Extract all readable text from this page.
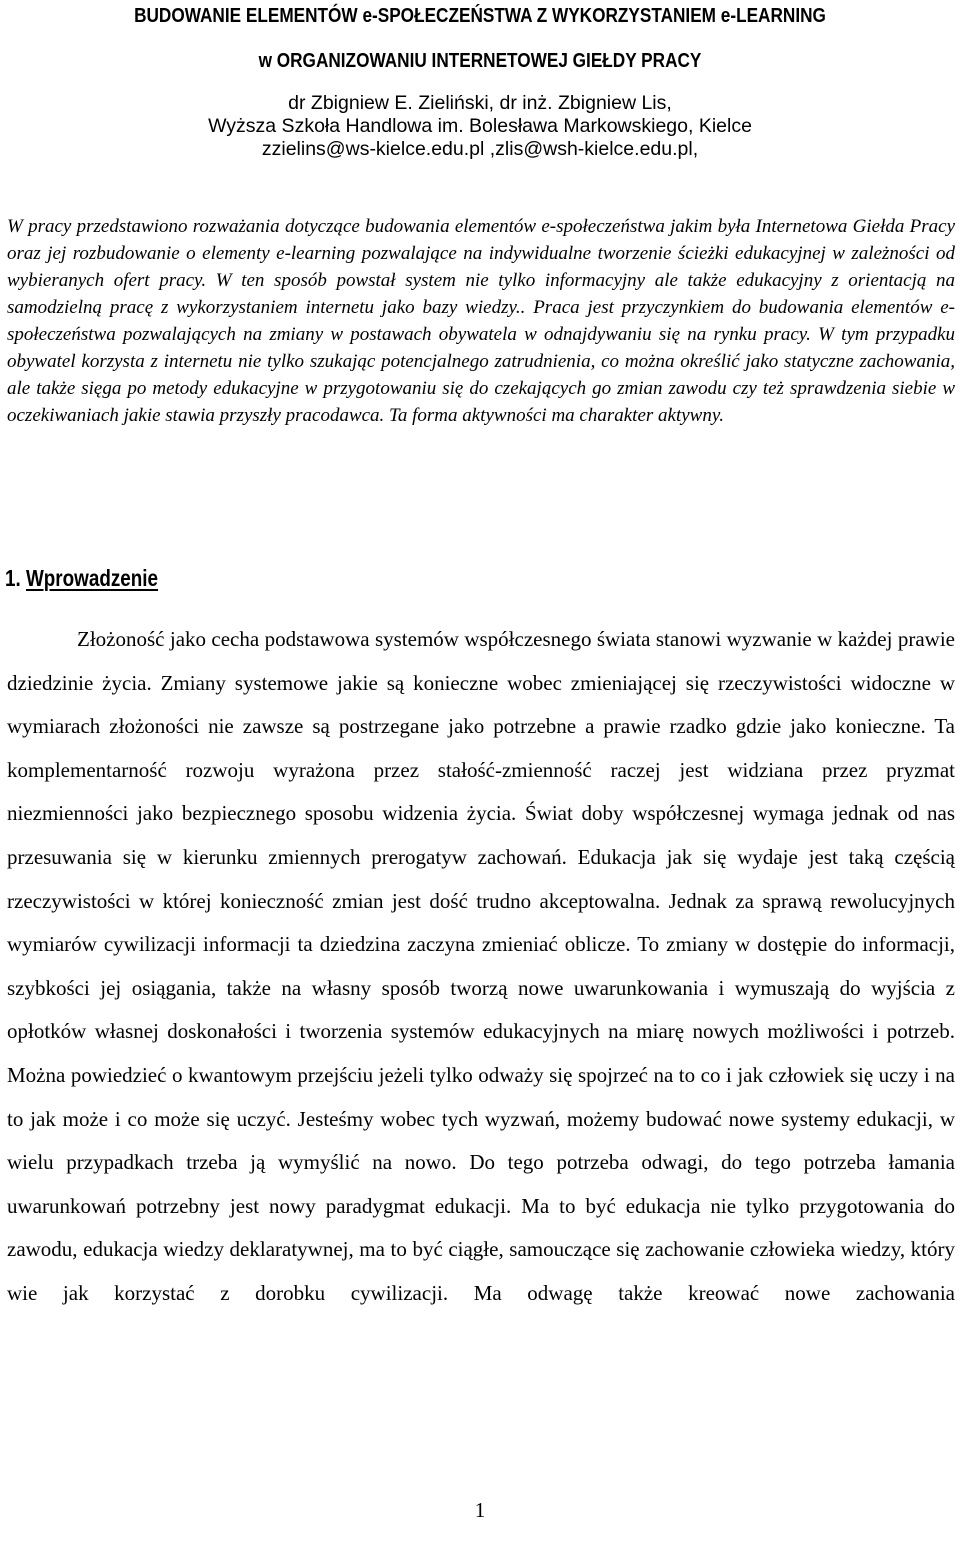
BUDOWANIE ELEMENTÓW e-SPOŁECZEŃSTWA Z WYKORZYSTANIEM e-LEARNING
w ORGANIZOWANIU INTERNETOWEJ GIEŁDY PRACY
dr Zbigniew E. Zieliński, dr inż. Zbigniew Lis,
Wyższa Szkoła Handlowa im. Bolesława Markowskiego, Kielce
zzielins@ws-kielce.edu.pl ,zlis@wsh-kielce.edu.pl,

W pracy przedstawiono rozważania dotyczące budowania elementów e-społeczeństwa jakim była Internetowa Giełda Pracy oraz jej rozbudowanie o elementy e-learning pozwalające na indywidualne tworzenie ścieżki edukacyjnej w zależności od wybieranych ofert pracy. W ten sposób powstał system nie tylko informacyjny ale także edukacyjny z orientacją na samodzielną pracę z wykorzystaniem internetu jako bazy wiedzy.. Praca jest przyczynkiem do budowania elementów e-społeczeństwa pozwalających na zmiany w postawach obywatela w odnajdywaniu się na rynku pracy. W tym przypadku obywatel korzysta z internetu nie tylko szukając potencjalnego zatrudnienia, co można określić jako statyczne zachowania, ale także sięga po metody edukacyjne w przygotowaniu się do czekających go zmian zawodu czy też sprawdzenia siebie w oczekiwaniach jakie stawia przyszły pracodawca. Ta forma aktywności ma charakter aktywny.

1. Wprowadzenie

Złożoność jako cecha podstawowa systemów współczesnego świata stanowi wyzwanie w każdej prawie dziedzinie życia. Zmiany systemowe jakie są konieczne wobec zmieniającej się rzeczywistości widoczne w wymiarach złożoności nie zawsze są postrzegane jako potrzebne a prawie rzadko gdzie jako konieczne. Ta komplementarność rozwoju wyrażona przez stałość-zmienność raczej jest widziana przez pryzmat niezmienności jako bezpiecznego sposobu widzenia życia. Świat doby współczesnej wymaga jednak od nas przesuwania się w kierunku zmiennych prerogatyw zachowań. Edukacja jak się wydaje jest taką częścią rzeczywistości w której konieczność zmian jest dość trudno akceptowalna. Jednak za sprawą rewolucyjnych wymiarów cywilizacji informacji ta dziedzina zaczyna zmieniać oblicze. To zmiany w dostępie do informacji, szybkości jej osiągania, także na własny sposób tworzą nowe uwarunkowania i wymuszają do wyjścia z opłotków własnej doskonałości i tworzenia systemów edukacyjnych na miarę nowych możliwości i potrzeb. Można powiedzieć o kwantowym przejściu jeżeli tylko odważy się spojrzeć na to co i jak człowiek się uczy i na to jak może i co może się uczyć. Jesteśmy wobec tych wyzwań, możemy budować nowe systemy edukacji, w wielu przypadkach trzeba ją wymyślić na nowo. Do tego potrzeba odwagi, do tego potrzeba łamania uwarunkowań potrzebny jest nowy paradygmat edukacji. Ma to być edukacja nie tylko przygotowania do zawodu, edukacja wiedzy deklaratywnej, ma to być ciągłe, samouczące się zachowanie człowieka wiedzy, który wie jak korzystać z dorobku cywilizacji. Ma odwagę także kreować nowe zachowania

1
